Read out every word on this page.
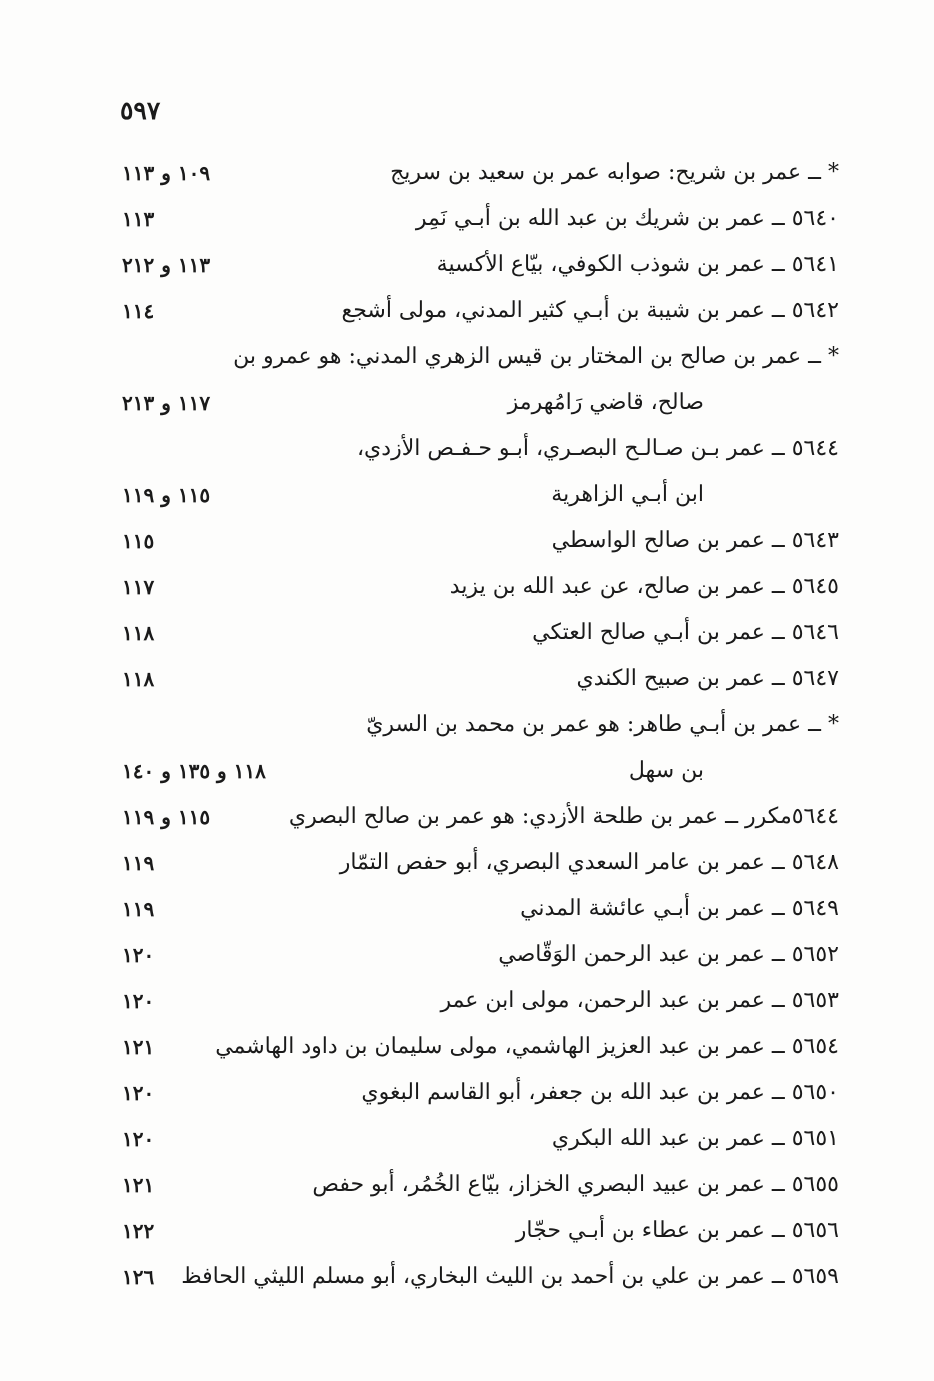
٥٩٧
* ــ عمر بن شريح: صوابه عمر بن سعيد بن سريج
١٠٩ و ١١٣
٥٦٤٠ ــ عمر بن شريك بن عبد الله بن أبـي نَمِر
١١٣
٥٦٤١ ــ عمر بن شوذب الكوفي، بيّاع الأكسية
١١٣ و ٢١٢
٥٦٤٢ ــ عمر بن شيبة بن أبـي كثير المدني، مولى أشجع
١١٤
* ــ عمر بن صالح بن المختار بن قيس الزهري المدني: هو عمرو بن
صالح، قاضي رَامُهرمز
١١٧ و ٢١٣
٥٦٤٤ ــ عمر بـن صـالـح البصـري، أبـو حـفـص الأزدي،
ابن أبـي الزاهرية
١١٥ و ١١٩
٥٦٤٣ ــ عمر بن صالح الواسطي
١١٥
٥٦٤٥ ــ عمر بن صالح، عن عبد الله بن يزيد
١١٧
٥٦٤٦ ــ عمر بن أبـي صالح العتكي
١١٨
٥٦٤٧ ــ عمر بن صبيح الكندي
١١٨
* ــ عمر بن أبـي طاهر: هو عمر بن محمد بن السريّ
بن سهل
١١٨ و ١٣٥ و ١٤٠
٥٦٤٤مكرر ــ عمر بن طلحة الأزدي: هو عمر بن صالح البصري
١١٥ و ١١٩
٥٦٤٨ ــ عمر بن عامر السعدي البصري، أبو حفص التمّار
١١٩
٥٦٤٩ ــ عمر بن أبـي عائشة المدني
١١٩
٥٦٥٢ ــ عمر بن عبد الرحمن الوَقّاصي
١٢٠
٥٦٥٣ ــ عمر بن عبد الرحمن، مولى ابن عمر
١٢٠
٥٦٥٤ ــ عمر بن عبد العزيز الهاشمي، مولى سليمان بن داود الهاشمي
١٢١
٥٦٥٠ ــ عمر بن عبد الله بن جعفر، أبو القاسم البغوي
١٢٠
٥٦٥١ ــ عمر بن عبد الله البكري
١٢٠
٥٦٥٥ ــ عمر بن عبيد البصري الخزاز، بيّاع الخُمُر، أبو حفص
١٢١
٥٦٥٦ ــ عمر بن عطاء بن أبـي حجّار
١٢٢
٥٦٥٩ ــ عمر بن علي بن أحمد بن الليث البخاري، أبو مسلم الليثي الحافظ
١٢٦
